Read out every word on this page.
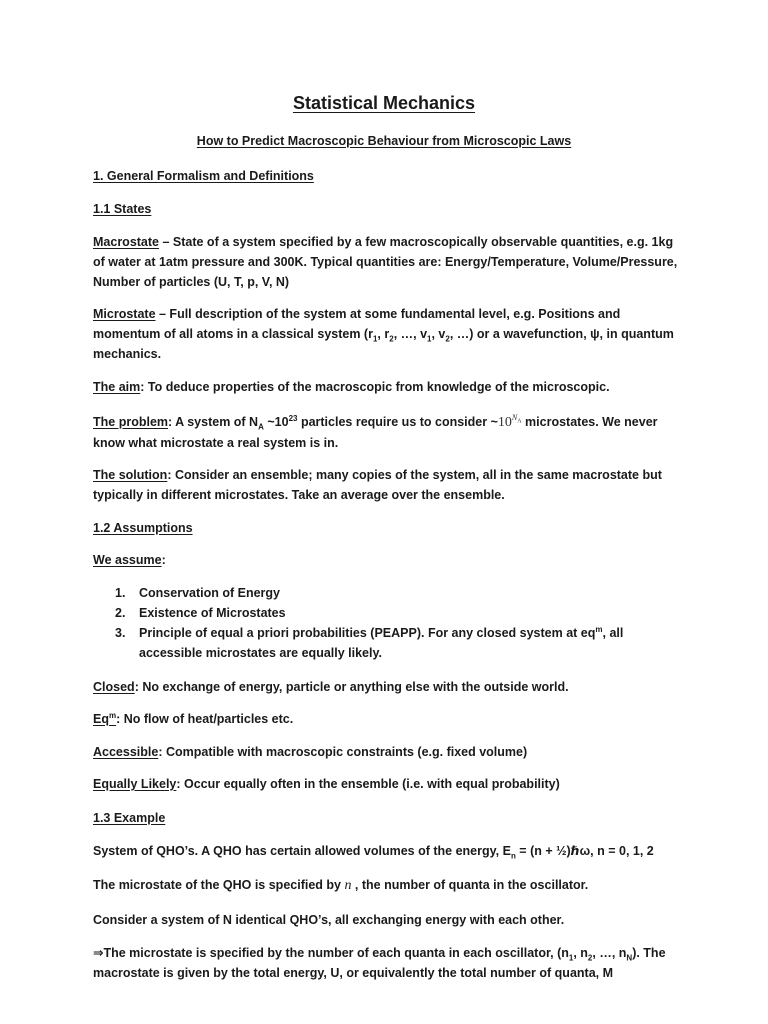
Statistical Mechanics
How to Predict Macroscopic Behaviour from Microscopic Laws
1. General Formalism and Definitions
1.1 States
Macrostate – State of a system specified by a few macroscopically observable quantities, e.g. 1kg of water at 1atm pressure and 300K. Typical quantities are: Energy/Temperature, Volume/Pressure, Number of particles (U, T, p, V, N)
Microstate – Full description of the system at some fundamental level, e.g. Positions and momentum of all atoms in a classical system ($r_1$, $r_2$, …, $v_1$, $v_2$, …) or a wavefunction, ψ, in quantum mechanics.
The aim: To deduce properties of the macroscopic from knowledge of the microscopic.
The problem: A system of $N_A$ $\sim 10^{23}$ particles require us to consider $\sim 10^{N_A}$ microstates. We never know what microstate a real system is in.
The solution: Consider an ensemble; many copies of the system, all in the same macrostate but typically in different microstates. Take an average over the ensemble.
1.2 Assumptions
We assume:
1. Conservation of Energy
2. Existence of Microstates
3. Principle of equal a priori probabilities (PEAPP). For any closed system at $eq^m$, all accessible microstates are equally likely.
Closed: No exchange of energy, particle or anything else with the outside world.
Eq$^m$: No flow of heat/particles etc.
Accessible: Compatible with macroscopic constraints (e.g. fixed volume)
Equally Likely: Occur equally often in the ensemble (i.e. with equal probability)
1.3 Example
System of QHO’s. A QHO has certain allowed volumes of the energy, $E_n = (n$ + ½)ℏω, n = 0, 1, 2
The microstate of the QHO is specified by n , the number of quanta in the oscillator.
Consider a system of N identical QHO’s, all exchanging energy with each other.
⇒The microstate is specified by the number of each quanta in each oscillator, ($n_1$, $n_2$, …, $n_N$). The macrostate is given by the total energy, U, or equivalently the total number of quanta, M
